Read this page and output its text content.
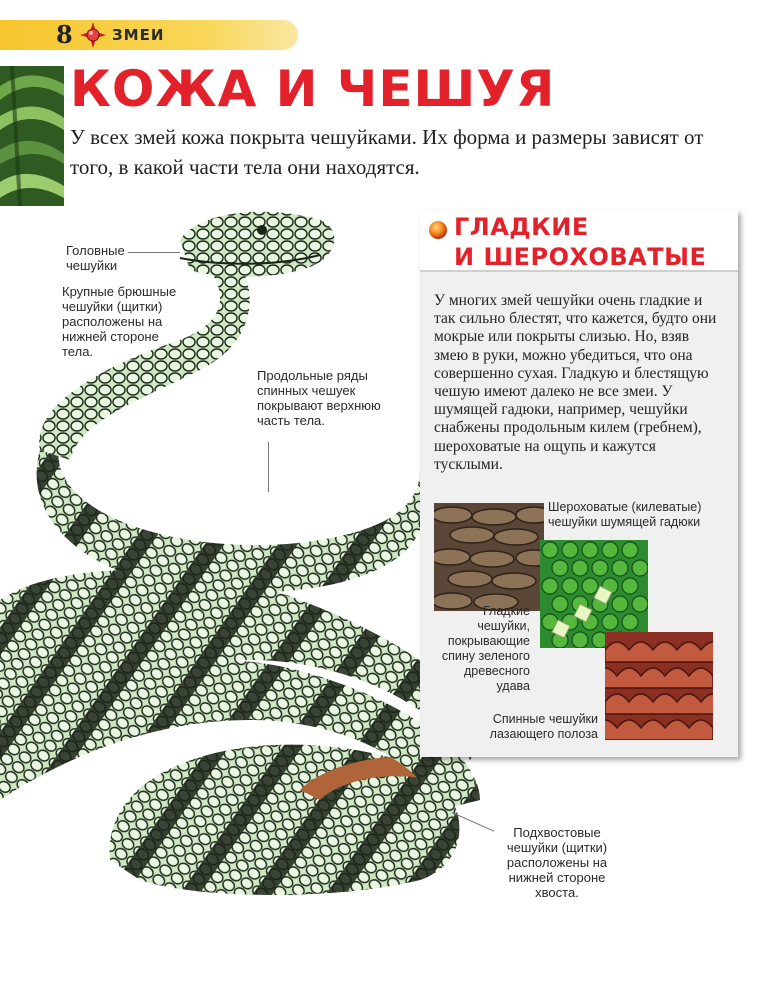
8	ЗМЕИ
КОЖА И ЧЕШУЯ

У всех змей кожа покрыта чешуйками. Их форма и размеры зависят от того, в какой части тела они находятся.

Головные чешуйки
Крупные брюшные чешуйки (щитки) расположены на нижней стороне тела.
Продольные ряды спинных чешуек покрывают верхнюю часть тела.
Подхвостовые чешуйки (щитки) расположены на нижней стороне хвоста.
ГЛАДКИЕ
И ШЕРОХОВАТЫЕ

У многих змей чешуйки очень гладкие и так сильно блестят, что кажется, будто они мокрые или покрыты слизью. Но, взяв змею в руки, можно убедиться, что она совершенно сухая. Гладкую и блестящую чешую имеют далеко не все змеи. У шумящей гадюки, например, чешуйки снабжены продольным килем (гребнем), шероховатые на ощупь и кажутся тусклыми.

Шероховатые (килеватые) чешуйки шумящей гадюки
Гладкие чешуйки, покрывающие спину зеленого древесного удава
Спинные чешуйки лазающего полоза
